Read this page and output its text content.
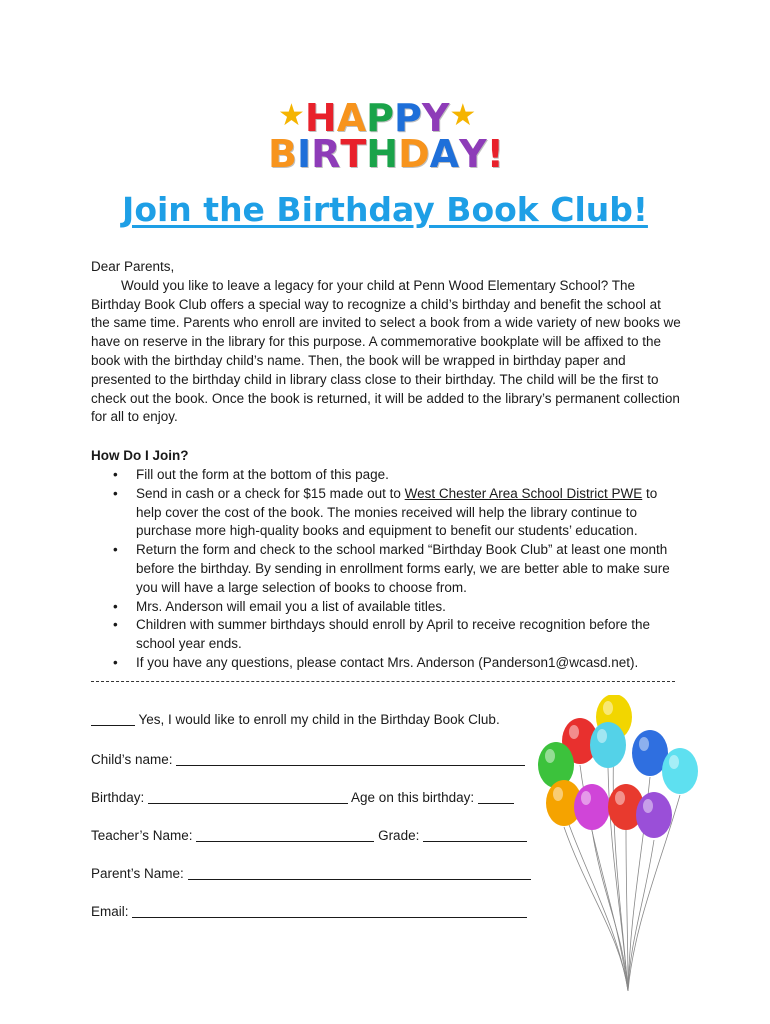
★HAPPY★
BIRTHDAY!
Join the Birthday Book Club!

Dear Parents,

Would you like to leave a legacy for your child at Penn Wood Elementary School? The Birthday Book Club offers a special way to recognize a child’s birthday and benefit the school at the same time. Parents who enroll are invited to select a book from a wide variety of new books we have on reserve in the library for this purpose. A commemorative bookplate will be affixed to the book with the birthday child’s name. Then, the book will be wrapped in birthday paper and presented to the birthday child in library class close to their birthday. The child will be the first to check out the book. Once the book is returned, it will be added to the library’s permanent collection for all to enjoy.

How Do I Join?

• Fill out the form at the bottom of this page.
• Send in cash or a check for $15 made out to West Chester Area School District PWE to help cover the cost of the book. The monies received will help the library continue to purchase more high-quality books and equipment to benefit our students’ education.
• Return the form and check to the school marked “Birthday Book Club” at least one month before the birthday. By sending in enrollment forms early, we are better able to make sure you will have a large selection of books to choose from.
• Mrs. Anderson will email you a list of available titles.
• Children with summer birthdays should enroll by April to receive recognition before the school year ends.
• If you have any questions, please contact Mrs. Anderson (Panderson1@wcasd.net).
Yes, I would like to enroll my child in the Birthday Book Club.
Child’s name:
Birthday:	Age on this birthday:
Teacher’s Name:	Grade:
Parent’s Name:
Email:
